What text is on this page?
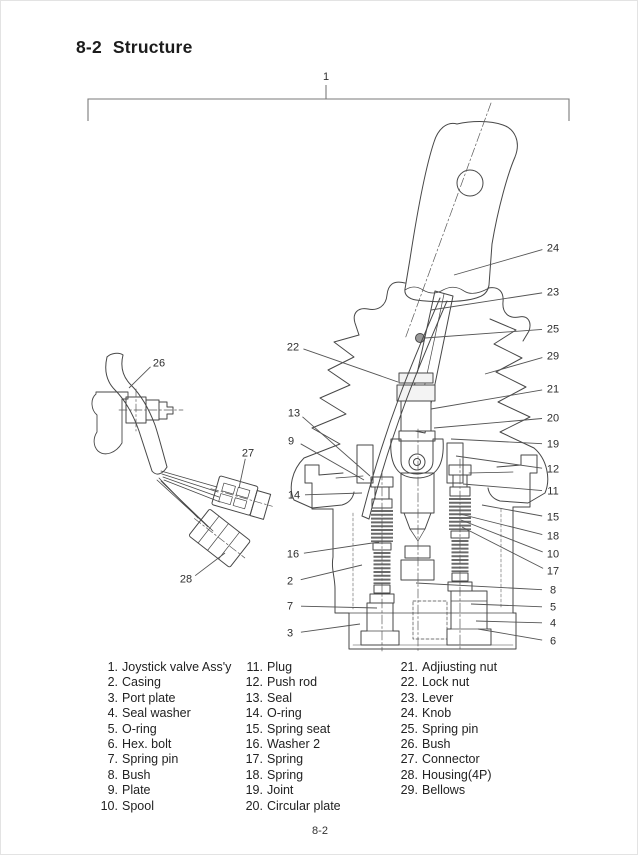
8-2 Structure
1
24
23
25
29
21
20
19
12
11
15
18
10
17
8
5
4
6
22
13
9
14
16
2
7
3
26
27
28
1. Joystick valve Ass'y
2. Casing
3. Port plate
4. Seal washer
5. O-ring
6. Hex. bolt
7. Spring pin
8. Bush
9. Plate
10. Spool
11. Plug
12. Push rod
13. Seal
14. O-ring
15. Spring seat
16. Washer 2
17. Spring
18. Spring
19. Joint
20. Circular plate
21. Adjiusting nut
22. Lock nut
23. Lever
24. Knob
25. Spring pin
26. Bush
27. Connector
28. Housing(4P)
29. Bellows
8-2
